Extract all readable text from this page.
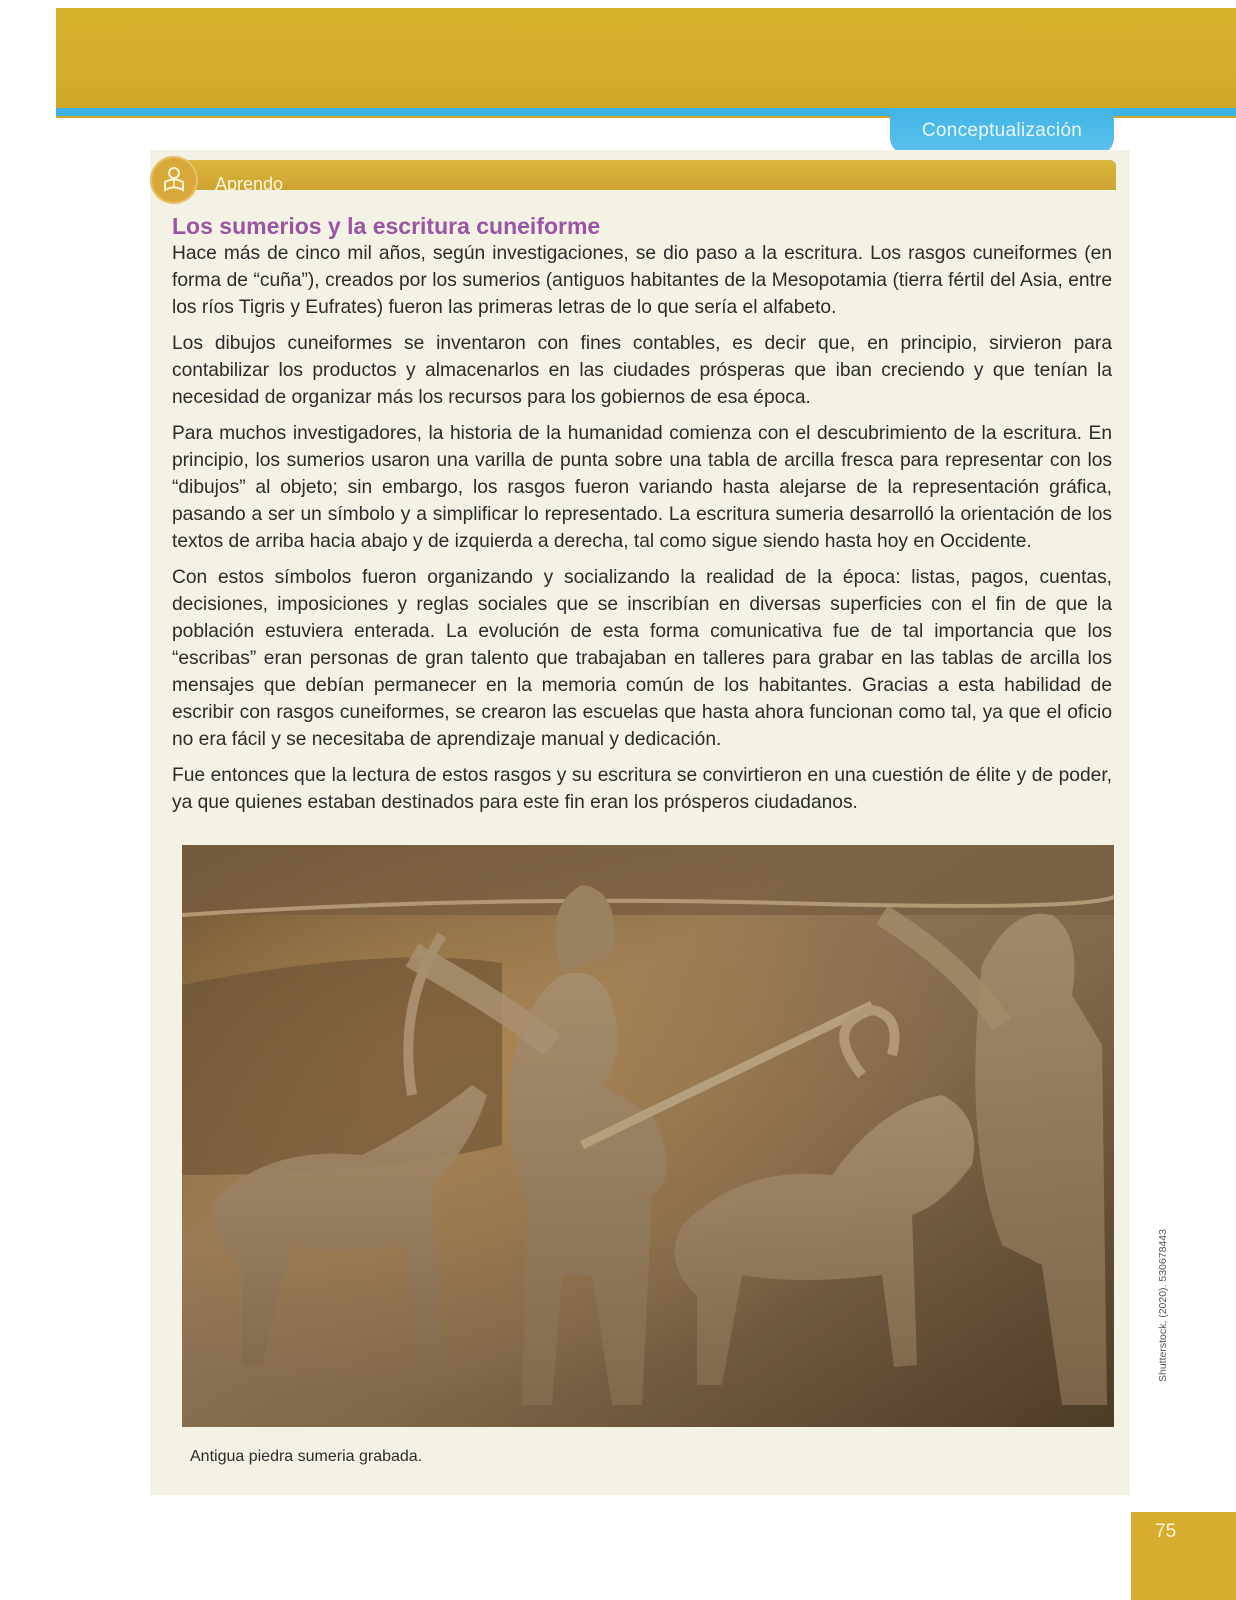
Conceptualización
Aprendo
Los sumerios y la escritura cuneiforme

Hace más de cinco mil años, según investigaciones, se dio paso a la escritura. Los rasgos cuneiformes (en forma de “cuña”), creados por los sumerios (antiguos habitantes de la Mesopotamia (tierra fértil del Asia, entre los ríos Tigris y Eufrates) fueron las primeras letras de lo que sería el alfabeto.

Los dibujos cuneiformes se inventaron con fines contables, es decir que, en principio, sirvieron para contabilizar los productos y almacenarlos en las ciudades prósperas que iban creciendo y que tenían la necesidad de organizar más los recursos para los gobiernos de esa época.

Para muchos investigadores, la historia de la humanidad comienza con el descubrimiento de la escritura. En principio, los sumerios usaron una varilla de punta sobre una tabla de arcilla fresca para representar con los “dibujos” al objeto; sin embargo, los rasgos fueron variando hasta alejarse de la representación gráfica, pasando a ser un símbolo y a simplificar lo representado. La escritura sumeria desarrolló la orientación de los textos de arriba hacia abajo y de izquierda a derecha, tal como sigue siendo hasta hoy en Occidente.

Con estos símbolos fueron organizando y socializando la realidad de la época: listas, pagos, cuentas, decisiones, imposiciones y reglas sociales que se inscribían en diversas superficies con el fin de que la población estuviera enterada. La evolución de esta forma comunicativa fue de tal importancia que los “escribas” eran personas de gran talento que trabajaban en talleres para grabar en las tablas de arcilla los mensajes que debían permanecer en la memoria común de los habitantes. Gracias a esta habilidad de escribir con rasgos cuneiformes, se crearon las escuelas que hasta ahora funcionan como tal, ya que el oficio no era fácil y se necesitaba de aprendizaje manual y dedicación.

Fue entonces que la lectura de estos rasgos y su escritura se convirtieron en una cuestión de élite y de poder, ya que quienes estaban destinados para este fin eran los prósperos ciudadanos.

Antigua piedra sumeria grabada.
Shutterstock, (2020). 530678443
75
